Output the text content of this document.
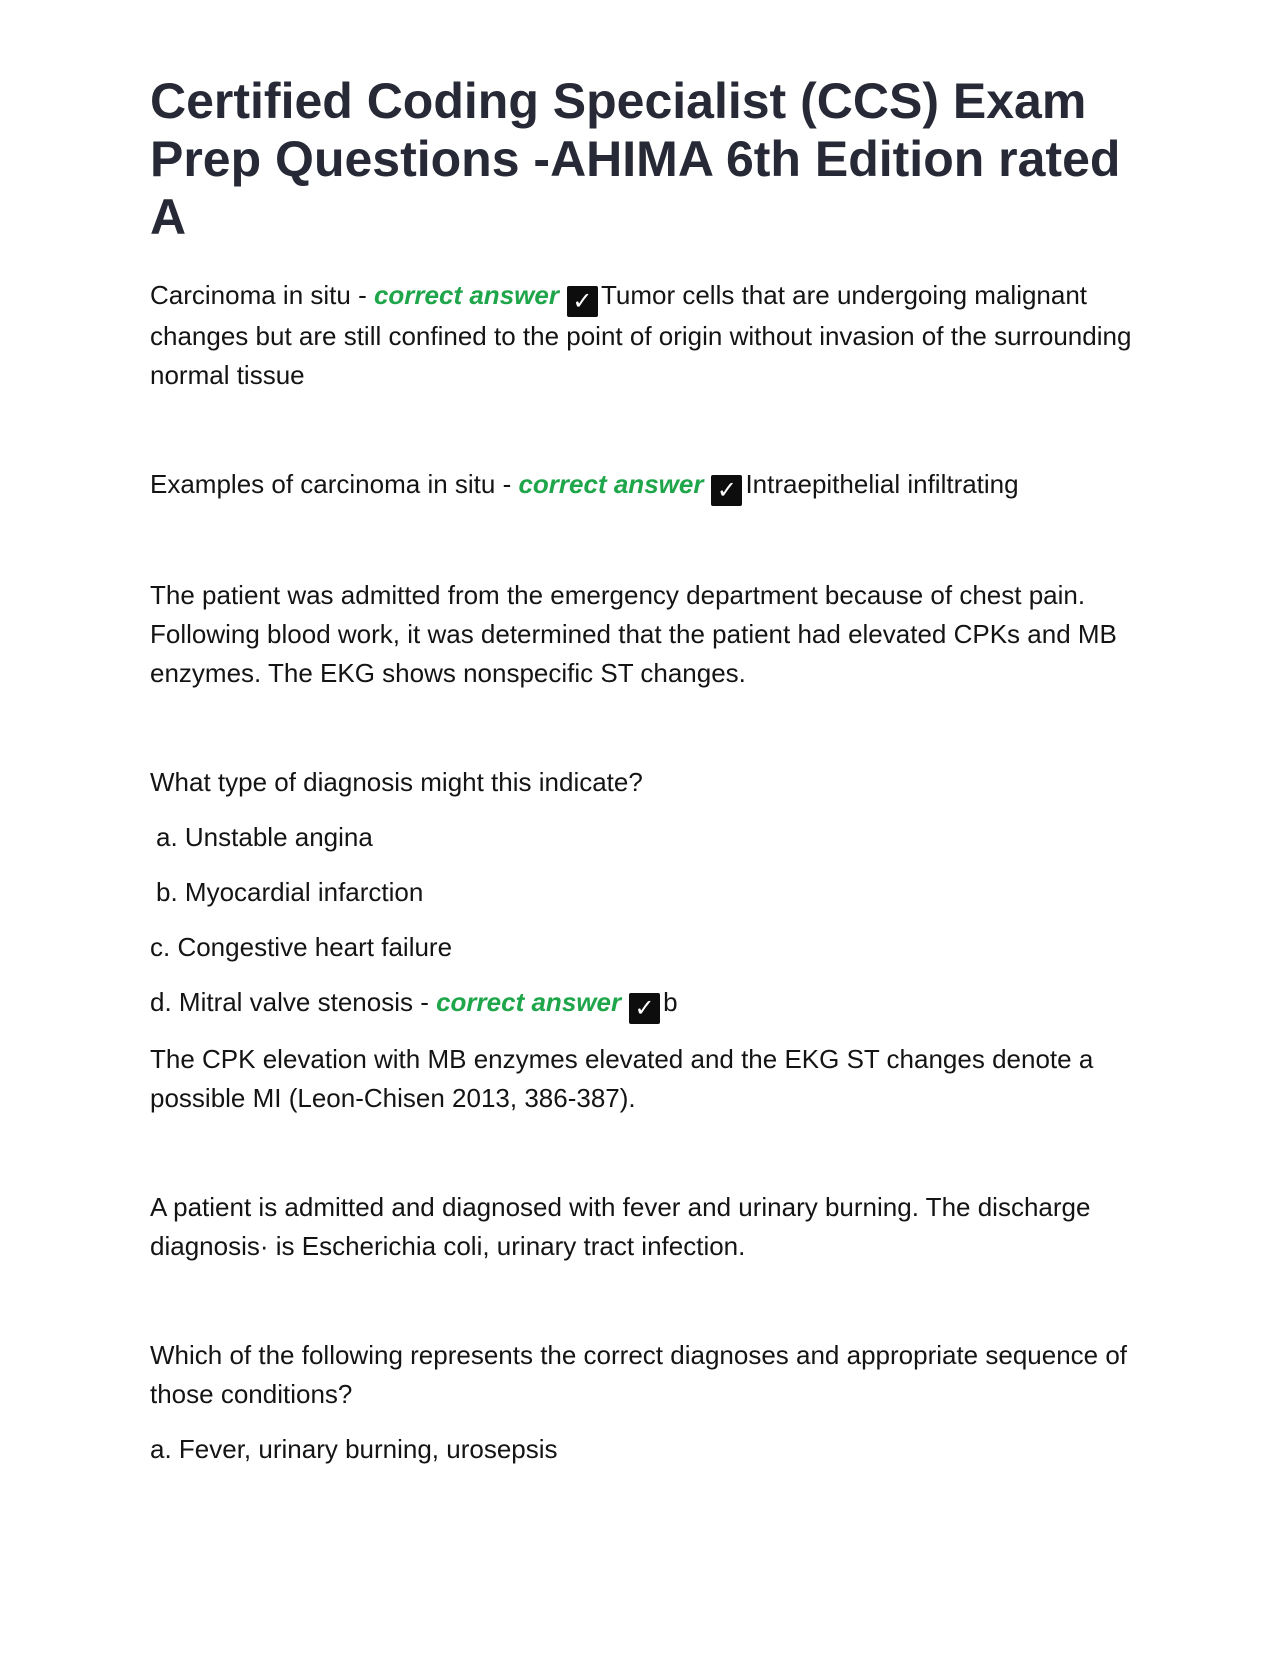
Certified Coding Specialist (CCS) Exam Prep Questions -AHIMA 6th Edition rated A

Carcinoma in situ - correct answer ✓ Tumor cells that are undergoing malignant changes but are still confined to the point of origin without invasion of the surrounding normal tissue

Examples of carcinoma in situ - correct answer ✓ Intraepithelial infiltrating

The patient was admitted from the emergency department because of chest pain. Following blood work, it was determined that the patient had elevated CPKs and MB enzymes. The EKG shows nonspecific ST changes.

What type of diagnosis might this indicate?

a. Unstable angina

b. Myocardial infarction

c. Congestive heart failure

d. Mitral valve stenosis - correct answer ✓ b

The CPK elevation with MB enzymes elevated and the EKG ST changes denote a possible MI (Leon-Chisen 2013, 386-387).

A patient is admitted and diagnosed with fever and urinary burning. The discharge diagnosis· is Escherichia coli, urinary tract infection.

Which of the following represents the correct diagnoses and appropriate sequence of those conditions?

a. Fever, urinary burning, urosepsis
